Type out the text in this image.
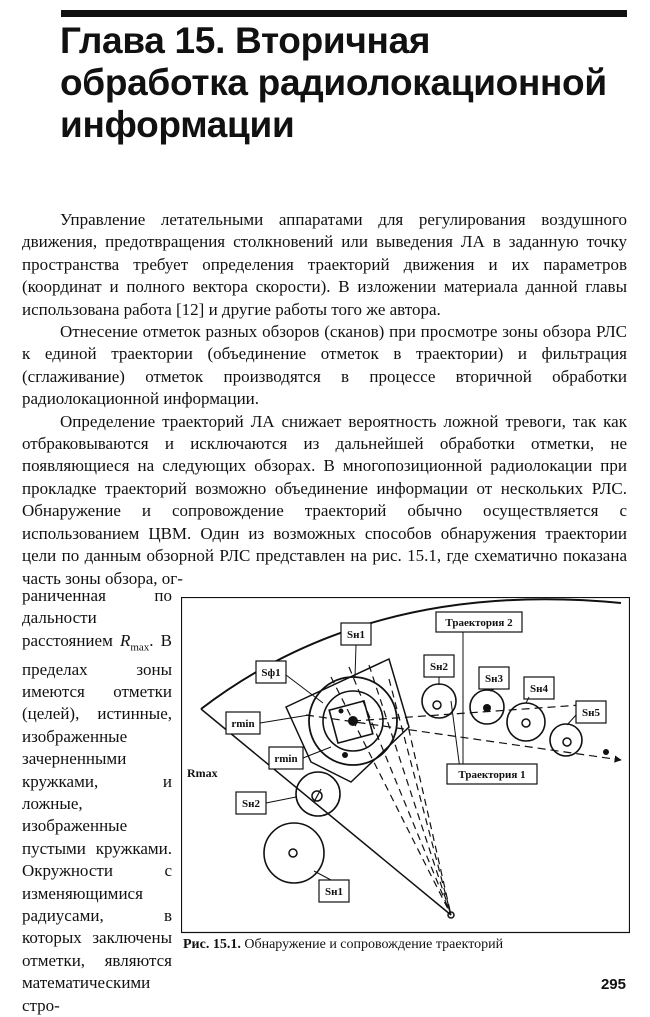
Глава 15. Вторичная
обработка радиолокационной
информации

Управление летательными аппаратами для регулирования воздушного движения, предотвращения столкновений или выведения ЛА в заданную точку пространства требует определения траекторий движения и их параметров (координат и полного вектора скорости). В изложении материала данной главы использована работа [12] и другие работы того же автора.

Отнесение отметок разных обзоров (сканов) при просмотре зоны обзора РЛС к единой траектории (объединение отметок в траектории) и фильтрация (сглаживание) отметок производятся в процессе вторичной обработки радиолокационной информации.

Определение траекторий ЛА снижает вероятность ложной тревоги, так как отбраковываются и исключаются из дальнейшей обработки отметки, не появляющиеся на следующих обзорах. В многопозиционной радиолокации при прокладке траекторий возможно объединение информации от нескольких РЛС. Обнаружение и сопровождение траекторий обычно осуществляется с использованием ЦВМ. Один из возможных способов обнаружения траектории цели по данным обзорной РЛС представлен на рис. 15.1, где схематично показана часть зоны обзора, ог-

раниченная по дальности расстоянием $R_{max}$. В пределах зоны имеются отметки (целей), истинные, изображенные зачерненными кружками, и ложные, изображенные пустыми кружками. Окружности с изменяющимися радиусами, в которых заключены отметки, являются математическими стро-
Траектория 2
Траектория 1
Sн1
Sф1	Sн2
Sн3
Sн4
Sн5
rmin
rmin
Sн2
Sн1
Rmax
Рис. 15.1. Обнаружение и сопровождение траекторий
295
